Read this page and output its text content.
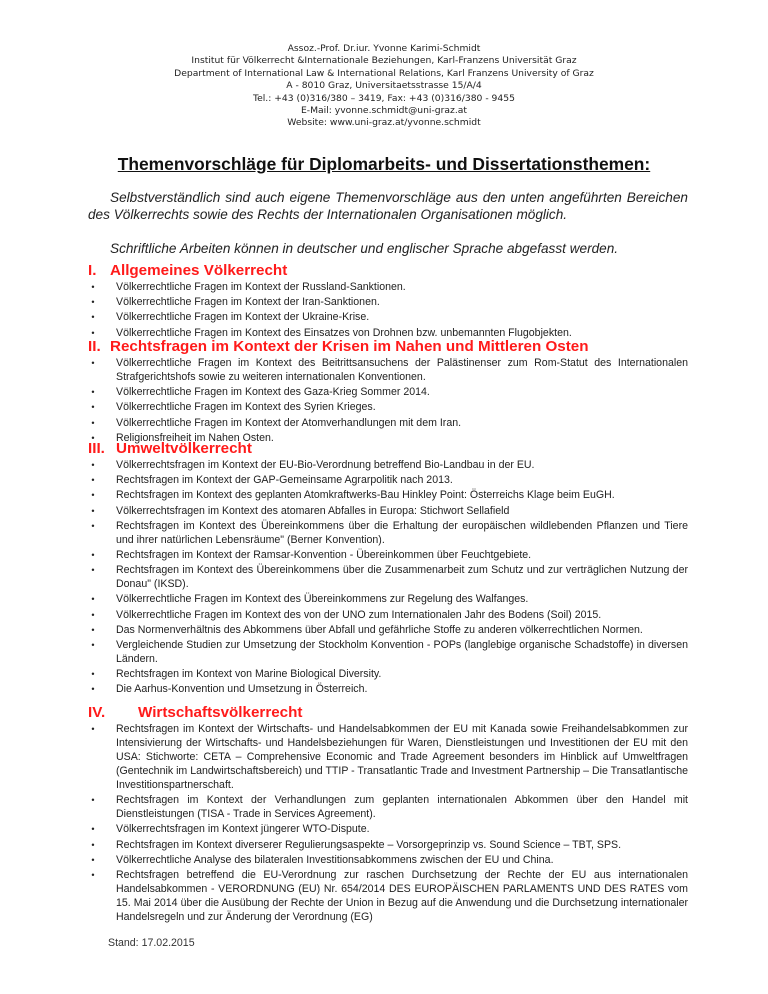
Assoz.-Prof. Dr.iur. Yvonne Karimi-Schmidt
Institut für Völkerrecht &Internationale Beziehungen, Karl-Franzens Universität Graz
Department of International Law & International Relations, Karl Franzens University of Graz
A - 8010 Graz, Universitaetsstrasse 15/A/4
Tel.: +43 (0)316/380 – 3419, Fax: +43 (0)316/380 - 9455
E-Mail: yvonne.schmidt@uni-graz.at
Website: www.uni-graz.at/yvonne.schmidt
Themenvorschläge für Diplomarbeits- und Dissertationsthemen:
Selbstverständlich sind auch eigene Themenvorschläge aus den unten angeführten Bereichen des Völkerrechts sowie des Rechts der Internationalen Organisationen möglich.
Schriftliche Arbeiten können in deutscher und englischer Sprache abgefasst werden.
I. Allgemeines Völkerrecht
•	Völkerrechtliche Fragen im Kontext der Russland-Sanktionen.
•	Völkerrechtliche Fragen im Kontext der Iran-Sanktionen.
•	Völkerrechtliche Fragen im Kontext der Ukraine-Krise.
•	Völkerrechtliche Fragen im Kontext des Einsatzes von Drohnen bzw. unbemannten Flugobjekten.
II. Rechtsfragen im Kontext der Krisen im Nahen und Mittleren Osten
•	Völkerrechtliche Fragen im Kontext des Beitrittsansuchens der Palästinenser zum Rom-Statut des Internationalen Strafgerichtshofs sowie zu weiteren internationalen Konventionen.
•	Völkerrechtliche Fragen im Kontext des Gaza-Krieg Sommer 2014.
•	Völkerrechtliche Fragen im Kontext des Syrien Krieges.
•	Völkerrechtliche Fragen im Kontext der Atomverhandlungen mit dem Iran.
•	Religionsfreiheit im Nahen Osten.
III. Umweltvölkerrecht
•	Völkerrechtsfragen im Kontext der EU-Bio-Verordnung betreffend Bio-Landbau in der EU.
•	Rechtsfragen im Kontext der GAP-Gemeinsame Agrarpolitik nach 2013.
•	Rechtsfragen im Kontext des geplanten Atomkraftwerks-Bau Hinkley Point: Österreichs Klage beim EuGH.
•	Völkerrechtsfragen im Kontext des atomaren Abfalles in Europa: Stichwort Sellafield
•	Rechtsfragen im Kontext des Übereinkommens über die Erhaltung der europäischen wildlebenden Pflanzen und Tiere und ihrer natürlichen Lebensräume" (Berner Konvention).
•	Rechtsfragen im Kontext der Ramsar-Konvention - Übereinkommen über Feuchtgebiete.
•	Rechtsfragen im Kontext des Übereinkommens über die Zusammenarbeit zum Schutz und zur verträglichen Nutzung der Donau" (IKSD).
•	Völkerrechtliche Fragen im Kontext des Übereinkommens zur Regelung des Walfanges.
•	Völkerrechtliche Fragen im Kontext des von der UNO zum Internationalen Jahr des Bodens (Soil) 2015.
•	Das Normenverhältnis des Abkommens über Abfall und gefährliche Stoffe zu anderen völkerrechtlichen Normen.
•	Vergleichende Studien zur Umsetzung der Stockholm Konvention - POPs (langlebige organische Schadstoffe) in diversen Ländern.
•	Rechtsfragen im Kontext von Marine Biological Diversity.
•	Die Aarhus-Konvention und Umsetzung in Österreich.
IV. Wirtschaftsvölkerrecht
•	Rechtsfragen im Kontext der Wirtschafts- und Handelsabkommen der EU mit Kanada sowie Freihandelsabkommen zur Intensivierung der Wirtschafts- und Handelsbeziehungen für Waren, Dienstleistungen und Investitionen der EU mit den USA: Stichworte: CETA – Comprehensive Economic and Trade Agreement besonders im Hinblick auf Umweltfragen (Gentechnik im Landwirtschaftsbereich) und TTIP - Transatlantic Trade and Investment Partnership – Die Transatlantische Investitionspartnerschaft.
•	Rechtsfragen im Kontext der Verhandlungen zum geplanten internationalen Abkommen über den Handel mit Dienstleistungen (TISA - Trade in Services Agreement).
•	Völkerrechtsfragen im Kontext jüngerer WTO-Dispute.
•	Rechtsfragen im Kontext diverserer Regulierungsaspekte – Vorsorgeprinzip vs. Sound Science – TBT, SPS.
•	Völkerrechtliche Analyse des bilateralen Investitionsabkommens zwischen der EU und China.
•	Rechtsfragen betreffend die EU-Verordnung zur raschen Durchsetzung der Rechte der EU aus internationalen Handelsabkommen - VERORDNUNG (EU) Nr. 654/2014 DES EUROPÄISCHEN PARLAMENTS UND DES RATES vom 15. Mai 2014 über die Ausübung der Rechte der Union in Bezug auf die Anwendung und die Durchsetzung internationaler Handelsregeln und zur Änderung der Verordnung (EG)
Stand: 17.02.2015
